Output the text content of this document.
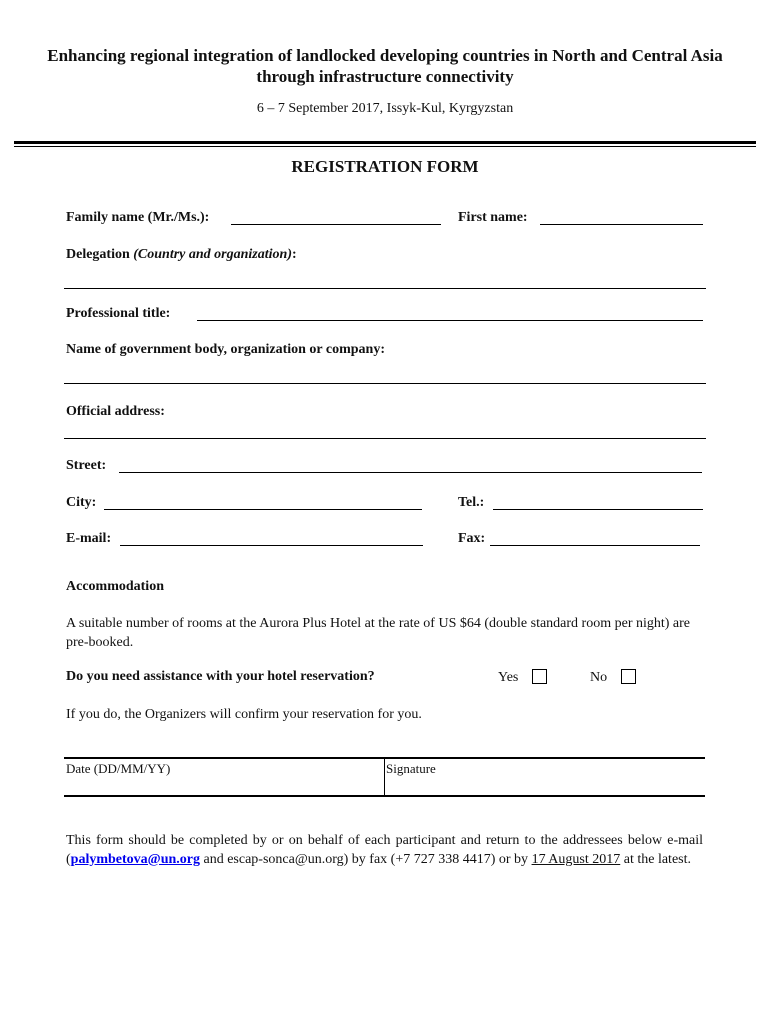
Enhancing regional integration of landlocked developing countries in North and Central Asia through infrastructure connectivity
6 – 7 September 2017, Issyk-Kul, Kyrgyzstan
REGISTRATION FORM
Family name (Mr./Ms.):	First name:
Delegation (Country and organization):
Professional title:
Name of government body, organization or company:
Official address:
Street:
City:	Tel.:
E-mail:	Fax:
Accommodation
A suitable number of rooms at the Aurora Plus Hotel at the rate of US $64 (double standard room per night) are pre-booked.
Do you need assistance with your hotel reservation?	Yes	No
If you do, the Organizers will confirm your reservation for you.
Date (DD/MM/YY)	Signature
This form should be completed by or on behalf of each participant and return to the addressees below e-mail (palymbetova@un.org and escap-sonca@un.org) by fax (+7 727 338 4417) or by 17 August 2017 at the latest.
